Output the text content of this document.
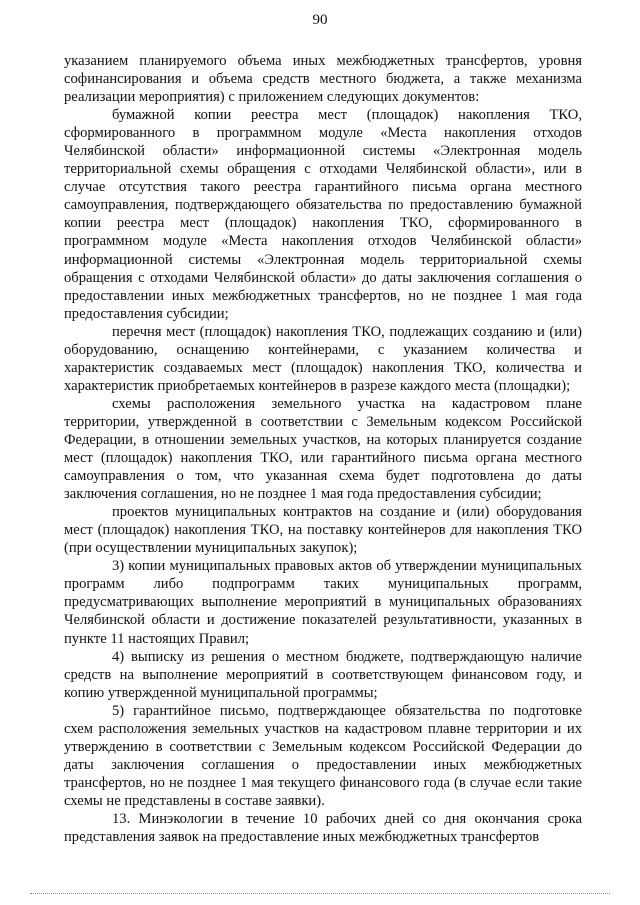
90

указанием планируемого объема иных межбюджетных трансфертов, уровня софинансирования и объема средств местного бюджета, а также механизма реализации мероприятия) с приложением следующих документов:

бумажной копии реестра мест (площадок) накопления ТКО, сформированного в программном модуле «Места накопления отходов Челябинской области» информационной системы «Электронная модель территориальной схемы обращения с отходами Челябинской области», или в случае отсутствия такого реестра гарантийного письма органа местного самоуправления, подтверждающего обязательства по предоставлению бумажной копии реестра мест (площадок) накопления ТКО, сформированного в программном модуле «Места накопления отходов Челябинской области» информационной системы «Электронная модель территориальной схемы обращения с отходами Челябинской области» до даты заключения соглашения о предоставлении иных межбюджетных трансфертов, но не позднее 1 мая года предоставления субсидии;

перечня мест (площадок) накопления ТКО, подлежащих созданию и (или) оборудованию, оснащению контейнерами, с указанием количества и характеристик создаваемых мест (площадок) накопления ТКО, количества и характеристик приобретаемых контейнеров в разрезе каждого места (площадки);

схемы расположения земельного участка на кадастровом плане территории, утвержденной в соответствии с Земельным кодексом Российской Федерации, в отношении земельных участков, на которых планируется создание мест (площадок) накопления ТКО, или гарантийного письма органа местного самоуправления о том, что указанная схема будет подготовлена до даты заключения соглашения, но не позднее 1 мая года предоставления субсидии;

проектов муниципальных контрактов на создание и (или) оборудования мест (площадок) накопления ТКО, на поставку контейнеров для накопления ТКО (при осуществлении муниципальных закупок);

3) копии муниципальных правовых актов об утверждении муниципальных программ либо подпрограмм таких муниципальных программ, предусматривающих выполнение мероприятий в муниципальных образованиях Челябинской области и достижение показателей результативности, указанных в пункте 11 настоящих Правил;

4) выписку из решения о местном бюджете, подтверждающую наличие средств на выполнение мероприятий в соответствующем финансовом году, и копию утвержденной муниципальной программы;

5) гарантийное письмо, подтверждающее обязательства по подготовке схем расположения земельных участков на кадастровом плавне территории и их утверждению в соответствии с Земельным кодексом Российской Федерации до даты заключения соглашения о предоставлении иных межбюджетных трансфертов, но не позднее 1 мая текущего финансового года (в случае если такие схемы не представлены в составе заявки).

13. Минэкологии в течение 10 рабочих дней со дня окончания срока представления заявок на предоставление иных межбюджетных трансфертов
